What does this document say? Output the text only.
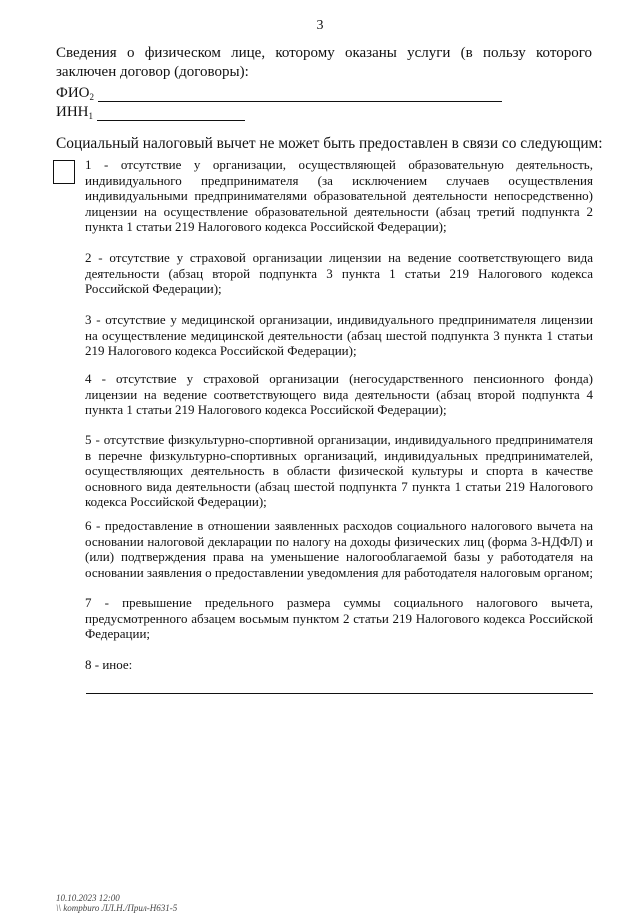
3
Сведения о физическом лице, которому оказаны услуги (в пользу которого заключен договор (договоры):
$ФИО_2$
$ИНН_1$
Социальный налоговый вычет не может быть предоставлен в связи со следующим:
1 - отсутствие у организации, осуществляющей образовательную деятельность, индивидуального предпринимателя (за исключением случаев осуществления индивидуальными предпринимателями образовательной деятельности непосредственно) лицензии на осуществление образовательной деятельности (абзац третий подпункта 2 пункта 1 статьи 219 Налогового кодекса Российской Федерации);
2 - отсутствие у страховой организации лицензии на ведение соответствующего вида деятельности (абзац второй подпункта 3 пункта 1 статьи 219 Налогового кодекса Российской Федерации);
3 - отсутствие у медицинской организации, индивидуального предпринимателя лицензии на осуществление медицинской деятельности (абзац шестой подпункта 3 пункта 1 статьи 219 Налогового кодекса Российской Федерации);
4 - отсутствие у страховой организации (негосударственного пенсионного фонда) лицензии на ведение соответствующего вида деятельности (абзац второй подпункта 4 пункта 1 статьи 219 Налогового кодекса Российской Федерации);
5 - отсутствие физкультурно-спортивной организации, индивидуального предпринимателя в перечне физкультурно-спортивных организаций, индивидуальных предпринимателей, осуществляющих деятельность в области физической культуры и спорта в качестве основного вида деятельности (абзац шестой подпункта 7 пункта 1 статьи 219 Налогового кодекса Российской Федерации);
6 - предоставление в отношении заявленных расходов социального налогового вычета на основании налоговой декларации по налогу на доходы физических лиц (форма 3-НДФЛ) и (или) подтверждения права на уменьшение налогооблагаемой базы у работодателя на основании заявления о предоставлении уведомления для работодателя налоговым органом;
7 - превышение предельного размера суммы социального налогового вычета, предусмотренного абзацем восьмым пунктом 2 статьи 219 Налогового кодекса Российской Федерации;
8 - иное:
10.10.2023 12:00
\\ kompburo ЛЛ.Н./Прил-Н631-5
